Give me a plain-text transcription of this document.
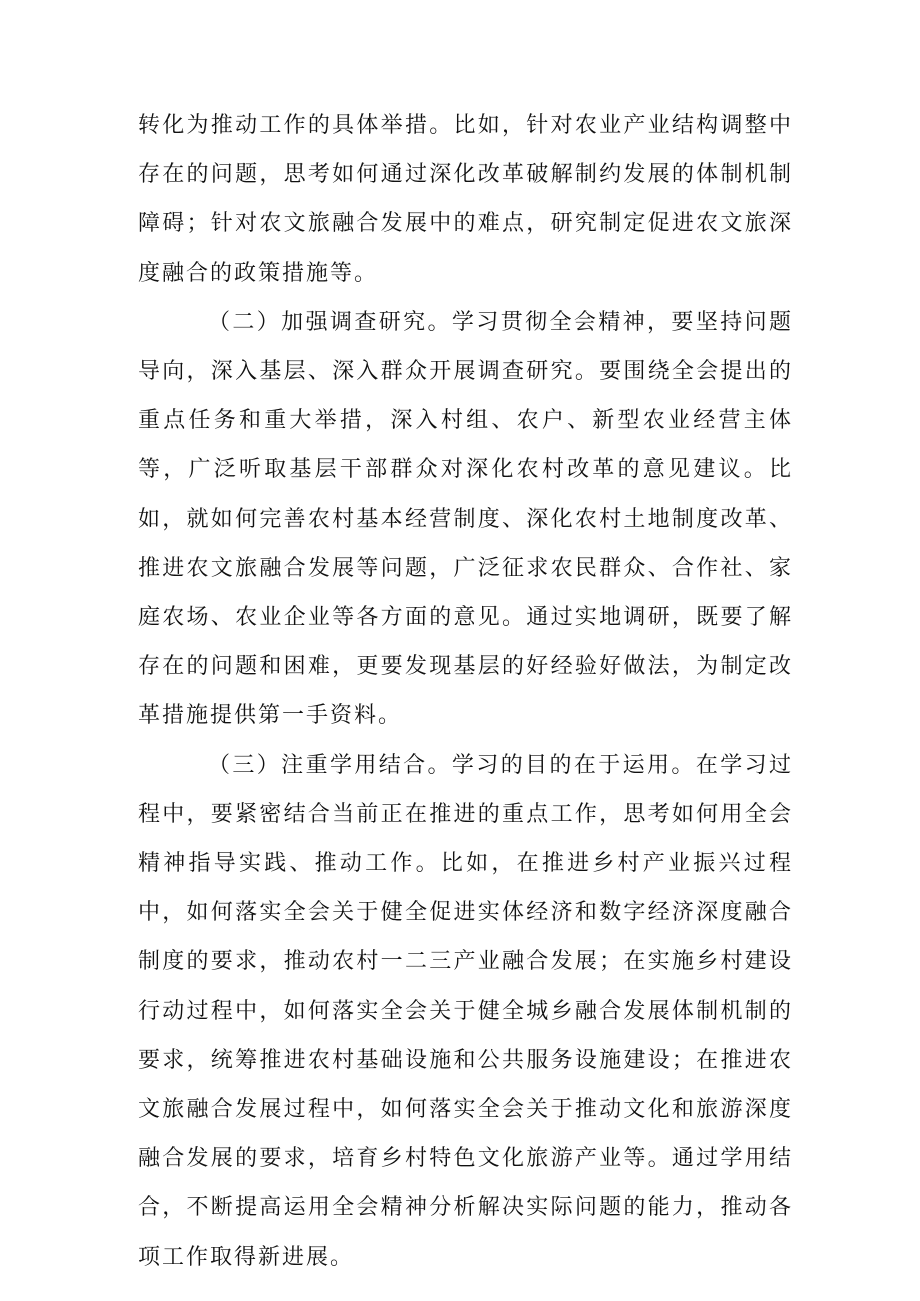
转化为推动工作的具体举措。比如，针对农业产业结构调整中存在的问题，思考如何通过深化改革破解制约发展的体制机制障碍；针对农文旅融合发展中的难点，研究制定促进农文旅深度融合的政策措施等。

（二）加强调查研究。学习贯彻全会精神，要坚持问题导向，深入基层、深入群众开展调查研究。要围绕全会提出的重点任务和重大举措，深入村组、农户、新型农业经营主体等，广泛听取基层干部群众对深化农村改革的意见建议。比如，就如何完善农村基本经营制度、深化农村土地制度改革、推进农文旅融合发展等问题，广泛征求农民群众、合作社、家庭农场、农业企业等各方面的意见。通过实地调研，既要了解存在的问题和困难，更要发现基层的好经验好做法，为制定改革措施提供第一手资料。

（三）注重学用结合。学习的目的在于运用。在学习过程中，要紧密结合当前正在推进的重点工作，思考如何用全会精神指导实践、推动工作。比如，在推进乡村产业振兴过程中，如何落实全会关于健全促进实体经济和数字经济深度融合制度的要求，推动农村一二三产业融合发展；在实施乡村建设行动过程中，如何落实全会关于健全城乡融合发展体制机制的要求，统筹推进农村基础设施和公共服务设施建设；在推进农文旅融合发展过程中，如何落实全会关于推动文化和旅游深度融合发展的要求，培育乡村特色文化旅游产业等。通过学用结合，不断提高运用全会精神分析解决实际问题的能力，推动各项工作取得新进展。
